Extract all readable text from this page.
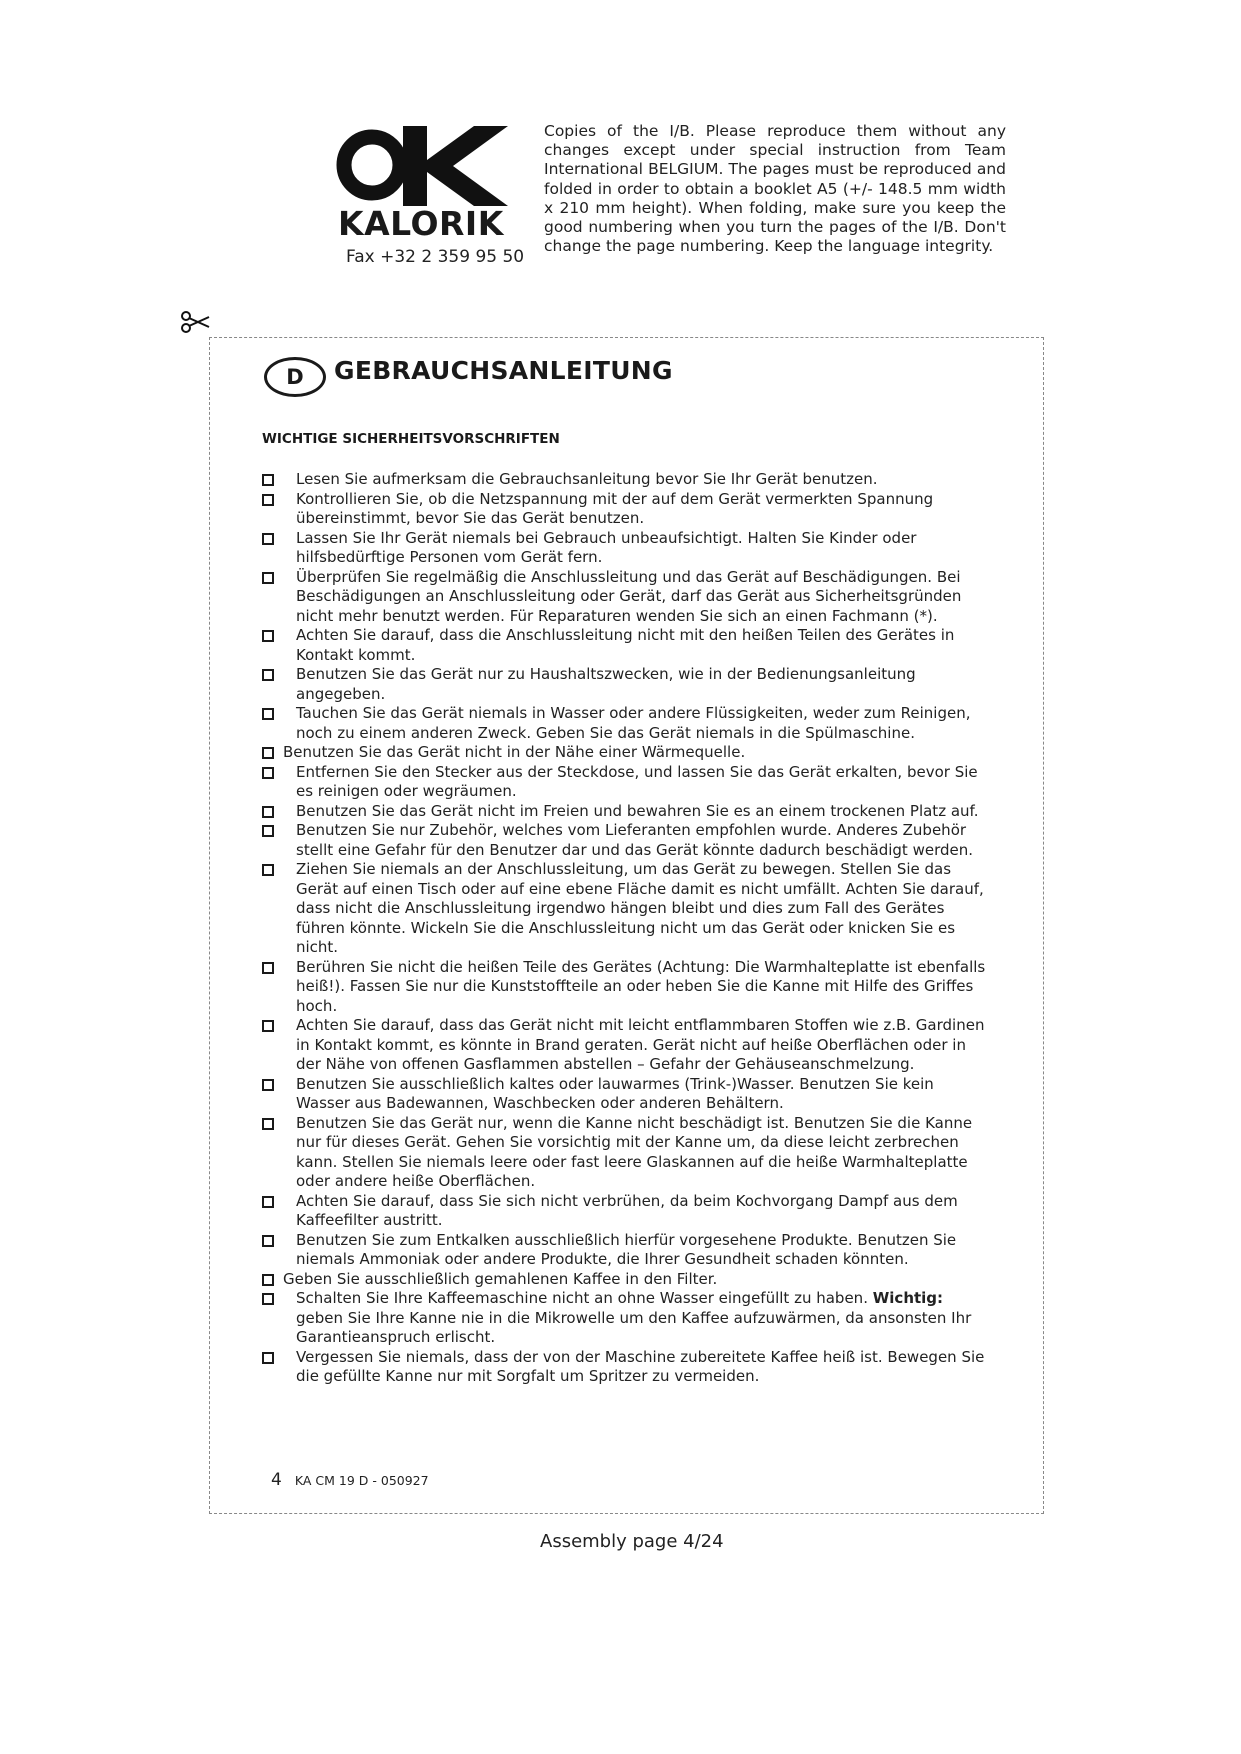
KALORIK
Fax +32 2 359 95 50
Copies of the I/B. Please reproduce them without any changes except under special instruction from Team International BELGIUM. The pages must be reproduced and folded in order to obtain a booklet A5 (+/- 148.5 mm width x 210 mm height). When folding, make sure you keep the good numbering when you turn the pages of the I/B. Don't change the page numbering. Keep the language integrity.
D	GEBRAUCHSANLEITUNG
WICHTIGE SICHERHEITSVORSCHRIFTEN
Lesen Sie aufmerksam die Gebrauchsanleitung bevor Sie Ihr Gerät benutzen.
Kontrollieren Sie, ob die Netzspannung mit der auf dem Gerät vermerkten Spannung übereinstimmt, bevor Sie das Gerät benutzen.
Lassen Sie Ihr Gerät niemals bei Gebrauch unbeaufsichtigt. Halten Sie Kinder oder hilfsbedürftige Personen vom Gerät fern.
Überprüfen Sie regelmäßig die Anschlussleitung und das Gerät auf Beschädigungen. Bei Beschädigungen an Anschlussleitung oder Gerät, darf das Gerät aus Sicherheitsgründen nicht mehr benutzt werden. Für Reparaturen wenden Sie sich an einen Fachmann (*).
Achten Sie darauf, dass die Anschlussleitung nicht mit den heißen Teilen des Gerätes in Kontakt kommt.
Benutzen Sie das Gerät nur zu Haushaltszwecken, wie in der Bedienungsanleitung angegeben.
Tauchen Sie das Gerät niemals in Wasser oder andere Flüssigkeiten, weder zum Reinigen, noch zu einem anderen Zweck. Geben Sie das Gerät niemals in die Spülmaschine.
Benutzen Sie das Gerät nicht in der Nähe einer Wärmequelle.
Entfernen Sie den Stecker aus der Steckdose, und lassen Sie das Gerät erkalten, bevor Sie es reinigen oder wegräumen.
Benutzen Sie das Gerät nicht im Freien und bewahren Sie es an einem trockenen Platz auf.
Benutzen Sie nur Zubehör, welches vom Lieferanten empfohlen wurde. Anderes Zubehör stellt eine Gefahr für den Benutzer dar und das Gerät könnte dadurch beschädigt werden.
Ziehen Sie niemals an der Anschlussleitung, um das Gerät zu bewegen. Stellen Sie das Gerät auf einen Tisch oder auf eine ebene Fläche damit es nicht umfällt. Achten Sie darauf, dass nicht die Anschlussleitung irgendwo hängen bleibt und dies zum Fall des Gerätes führen könnte. Wickeln Sie die Anschlussleitung nicht um das Gerät oder knicken Sie es nicht.
Berühren Sie nicht die heißen Teile des Gerätes (Achtung: Die Warmhalteplatte ist ebenfalls heiß!). Fassen Sie nur die Kunststoffteile an oder heben Sie die Kanne mit Hilfe des Griffes hoch.
Achten Sie darauf, dass das Gerät nicht mit leicht entflammbaren Stoffen wie z.B. Gardinen in Kontakt kommt, es könnte in Brand geraten. Gerät nicht auf heiße Oberflächen oder in der Nähe von offenen Gasflammen abstellen – Gefahr der Gehäuseanschmelzung.
Benutzen Sie ausschließlich kaltes oder lauwarmes (Trink-)Wasser. Benutzen Sie kein Wasser aus Badewannen, Waschbecken oder anderen Behältern.
Benutzen Sie das Gerät nur, wenn die Kanne nicht beschädigt ist. Benutzen Sie die Kanne nur für dieses Gerät. Gehen Sie vorsichtig mit der Kanne um, da diese leicht zerbrechen kann. Stellen Sie niemals leere oder fast leere Glaskannen auf die heiße Warmhalteplatte oder andere heiße Oberflächen.
Achten Sie darauf, dass Sie sich nicht verbrühen, da beim Kochvorgang Dampf aus dem Kaffeefilter austritt.
Benutzen Sie zum Entkalken ausschließlich hierfür vorgesehene Produkte. Benutzen Sie niemals Ammoniak oder andere Produkte, die Ihrer Gesundheit schaden könnten.
Geben Sie ausschließlich gemahlenen Kaffee in den Filter.
Schalten Sie Ihre Kaffeemaschine nicht an ohne Wasser eingefüllt zu haben. Wichtig: geben Sie Ihre Kanne nie in die Mikrowelle um den Kaffee aufzuwärmen, da ansonsten Ihr Garantieanspruch erlischt.
Vergessen Sie niemals, dass der von der Maschine zubereitete Kaffee heiß ist. Bewegen Sie die gefüllte Kanne nur mit Sorgfalt um Spritzer zu vermeiden.
4 KA CM 19 D - 050927
Assembly page 4/24
